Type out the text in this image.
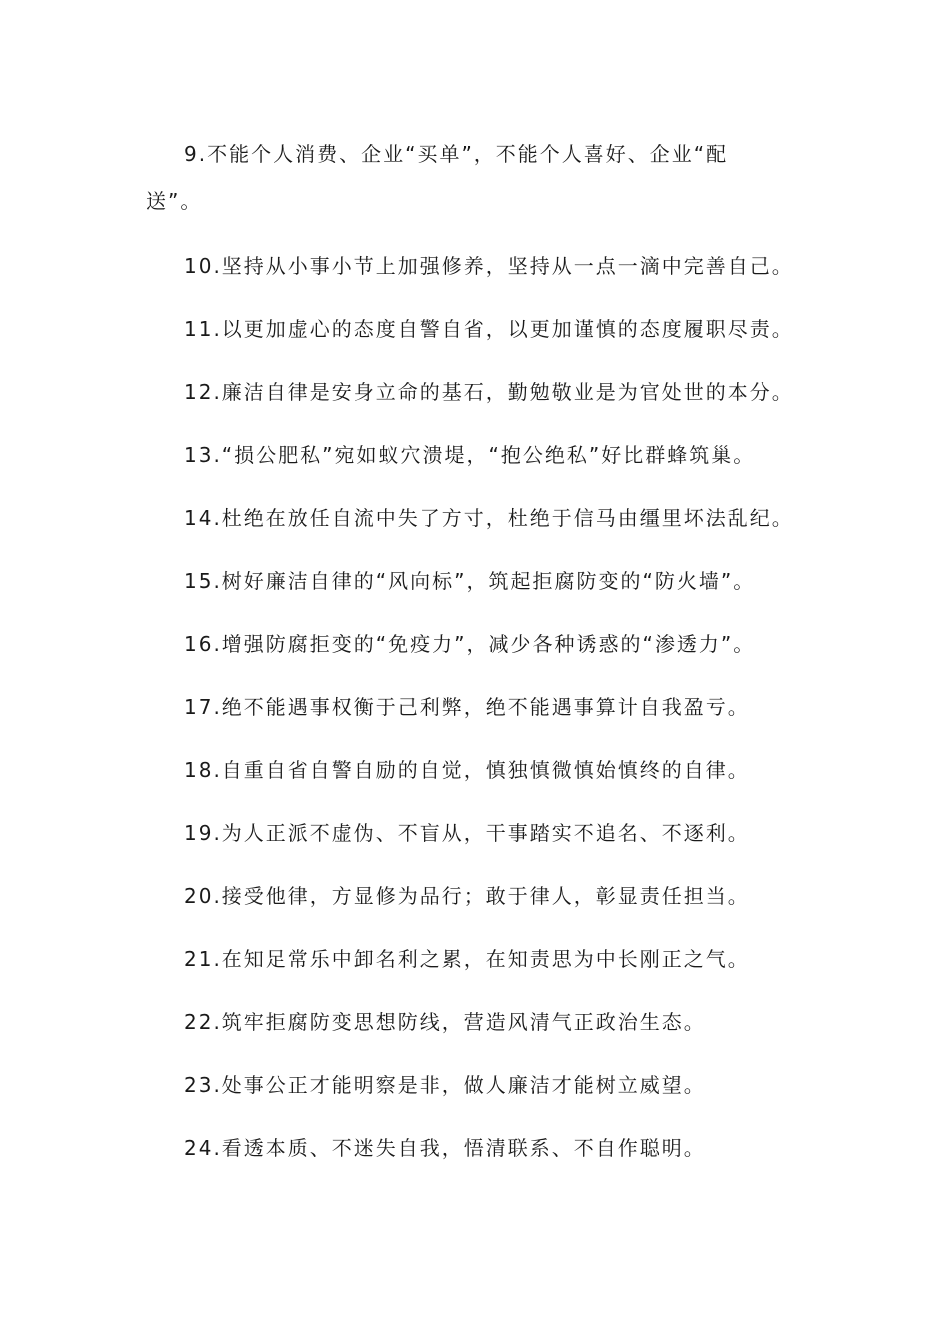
9.不能个人消费、企业“买单”，不能个人喜好、企业“配
送”。
10.坚持从小事小节上加强修养，坚持从一点一滴中完善自己。
11.以更加虚心的态度自警自省，以更加谨慎的态度履职尽责。
12.廉洁自律是安身立命的基石，勤勉敬业是为官处世的本分。
13.“损公肥私”宛如蚁穴溃堤，“抱公绝私”好比群蜂筑巢。
14.杜绝在放任自流中失了方寸，杜绝于信马由缰里坏法乱纪。
15.树好廉洁自律的“风向标”，筑起拒腐防变的“防火墙”。
16.增强防腐拒变的“免疫力”，减少各种诱惑的“渗透力”。
17.绝不能遇事权衡于己利弊，绝不能遇事算计自我盈亏。
18.自重自省自警自励的自觉，慎独慎微慎始慎终的自律。
19.为人正派不虚伪、不盲从，干事踏实不追名、不逐利。
20.接受他律，方显修为品行；敢于律人，彰显责任担当。
21.在知足常乐中卸名利之累，在知责思为中长刚正之气。
22.筑牢拒腐防变思想防线，营造风清气正政治生态。
23.处事公正才能明察是非，做人廉洁才能树立威望。
24.看透本质、不迷失自我，悟清联系、不自作聪明。
